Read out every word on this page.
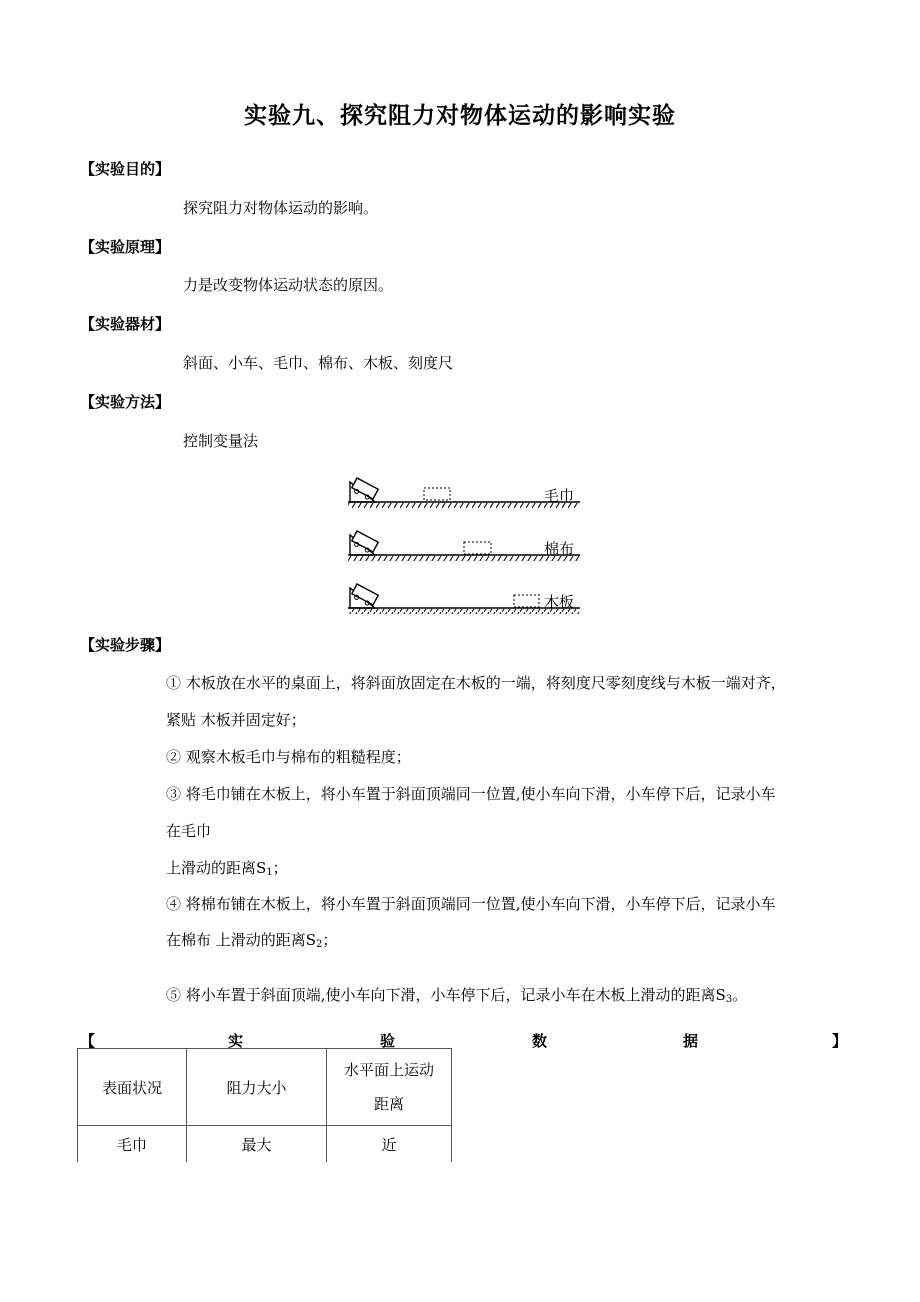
实验九、探究阻力对物体运动的影响实验
【实验目的】
探究阻力对物体运动的影响。
【实验原理】
力是改变物体运动状态的原因。
【实验器材】
斜面、小车、毛巾、棉布、木板、刻度尺
【实验方法】
控制变量法
毛巾
棉布
木板
【实验步骤】
① 木板放在水平的桌面上，将斜面放固定在木板的一端，将刻度尺零刻度线与木板一端对齐，
紧贴 木板并固定好；
② 观察木板毛巾与棉布的粗糙程度；
③ 将毛巾铺在木板上，将小车置于斜面顶端同一位置,使小车向下滑，小车停下后，记录小车
在毛巾
上滑动的距离$S_1$；
④ 将棉布铺在木板上，将小车置于斜面顶端同一位置,使小车向下滑，小车停下后，记录小车
在棉布 上滑动的距离$S_2$；
⑤ 将小车置于斜面顶端,使小车向下滑，小车停下后，记录小车在木板上滑动的距离$S_3$。
【	实	验	数	据	】
表面状况	阻力大小	水平面上运动
距离

毛巾	最大	近
